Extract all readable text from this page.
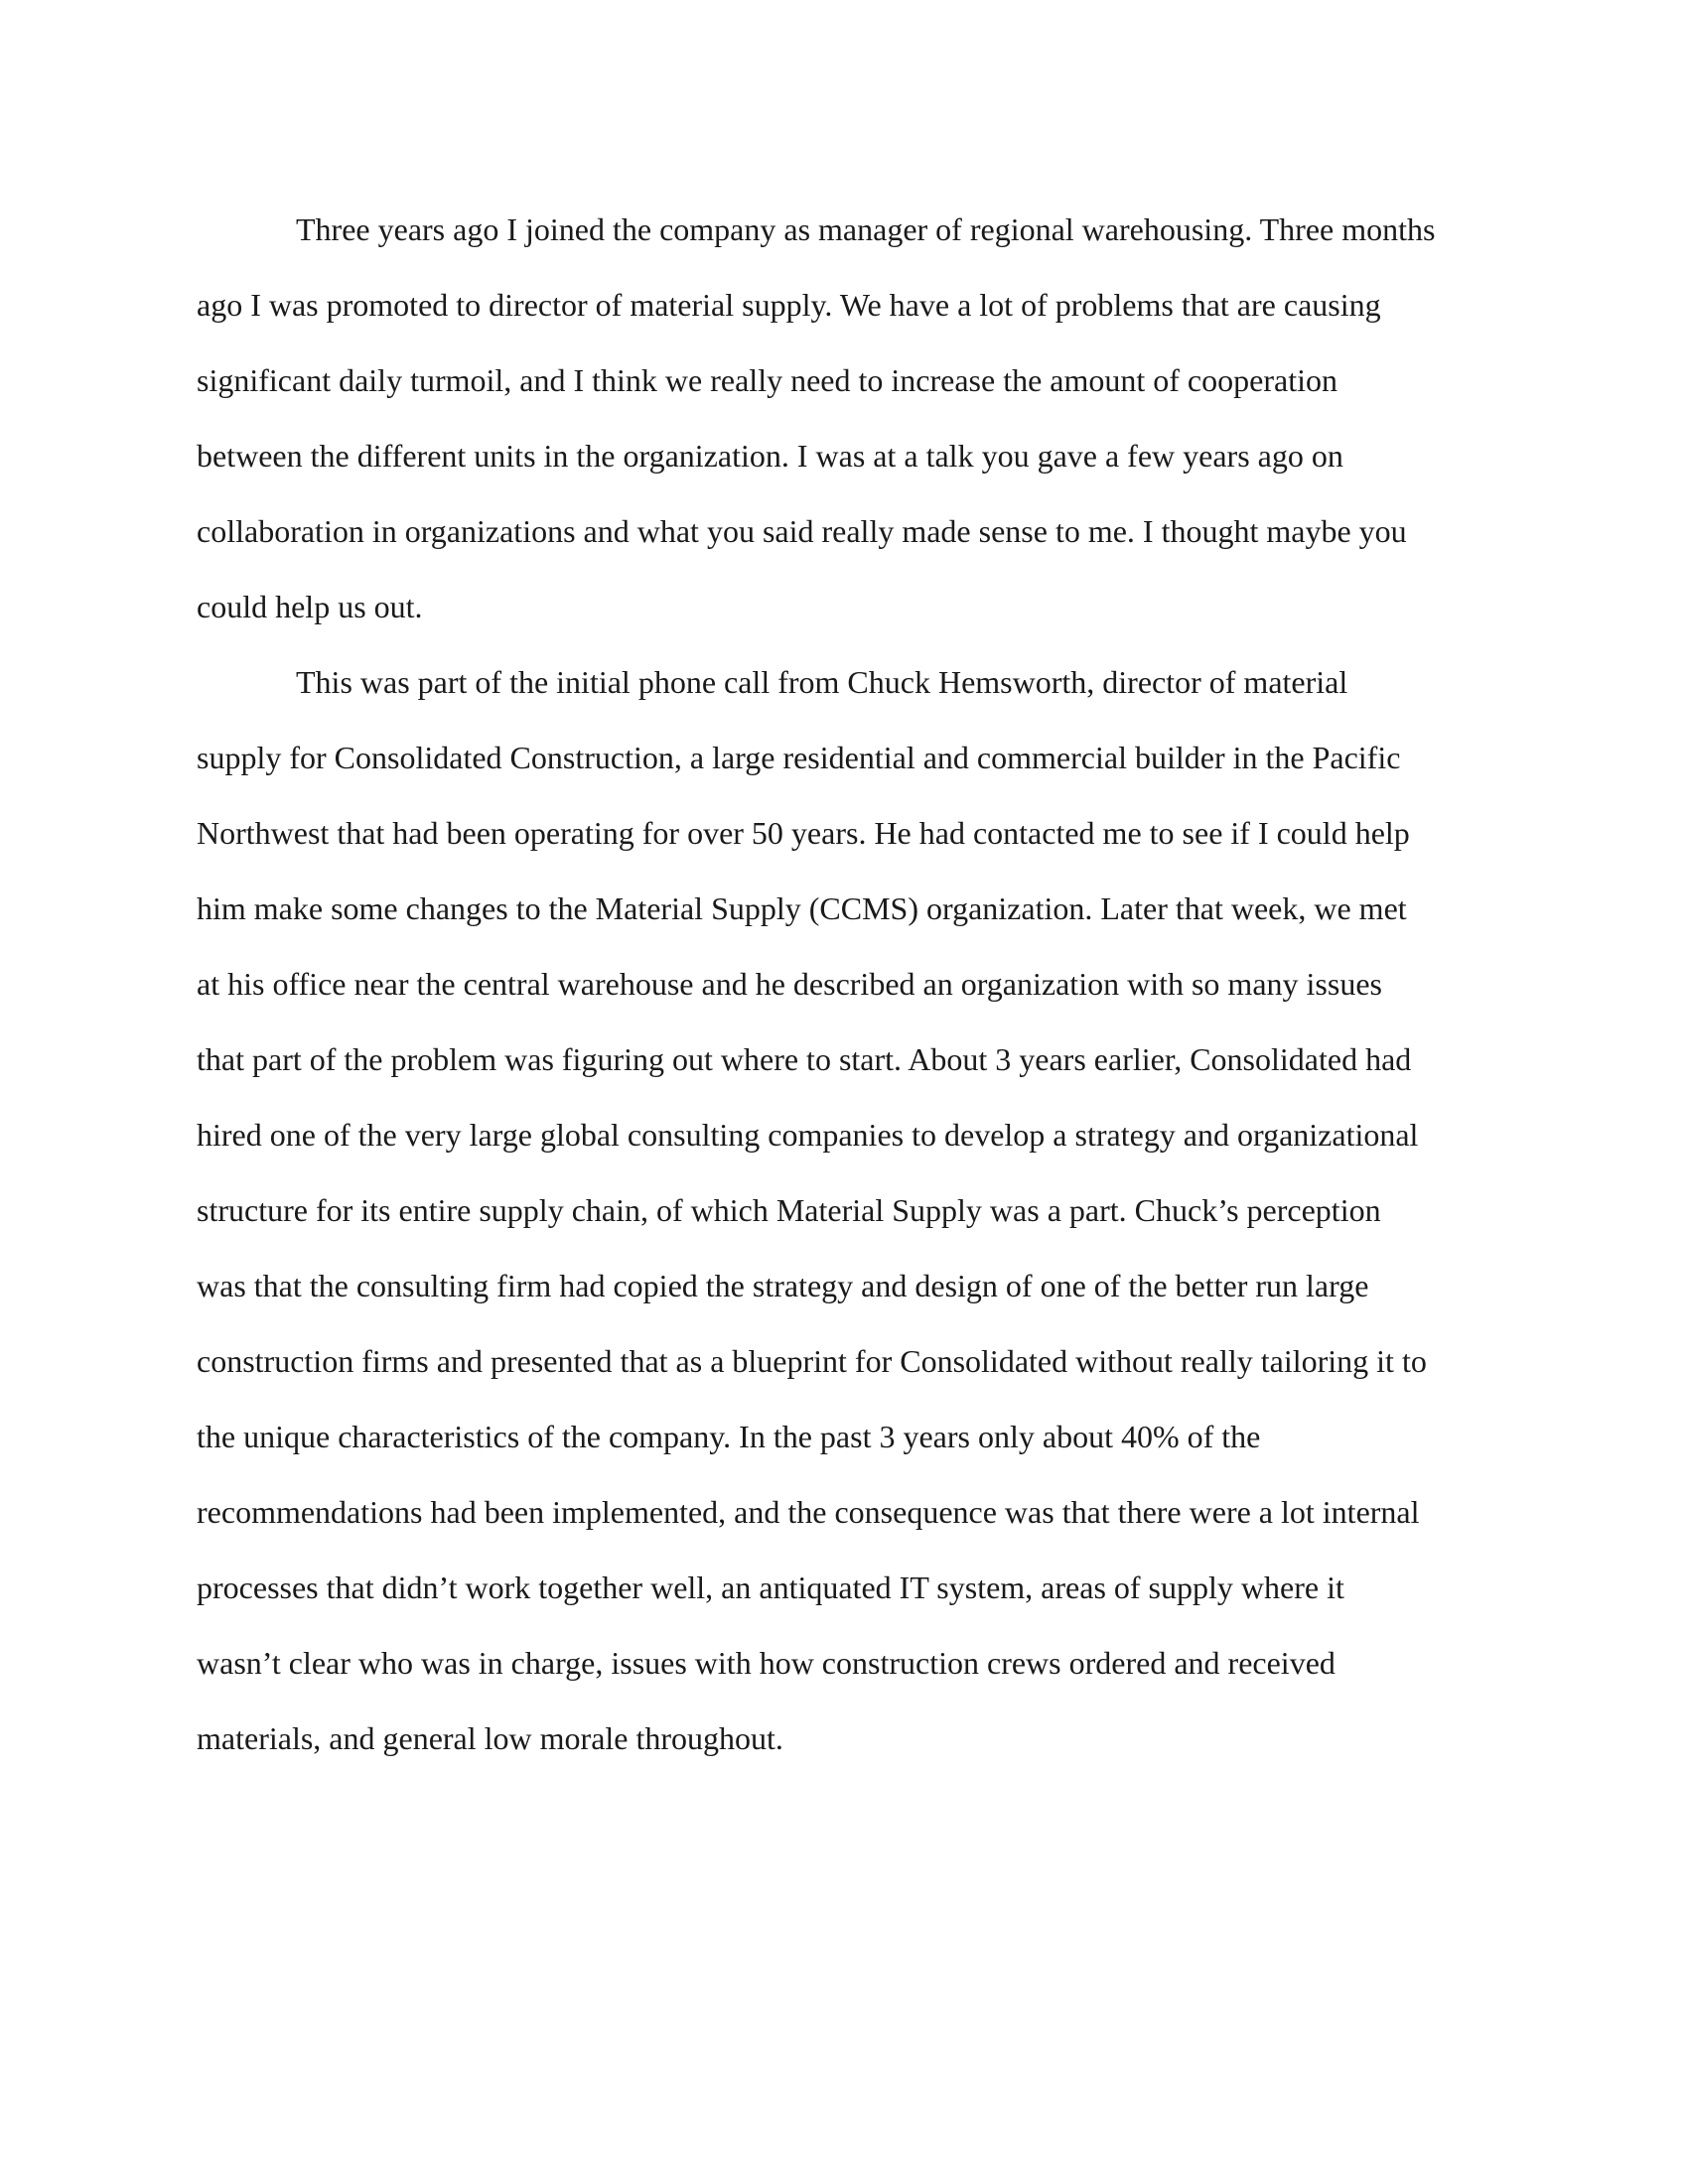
Three years ago I joined the company as manager of regional warehousing. Three months
ago I was promoted to director of material supply. We have a lot of problems that are causing
significant daily turmoil, and I think we really need to increase the amount of cooperation
between the different units in the organization. I was at a talk you gave a few years ago on
collaboration in organizations and what you said really made sense to me. I thought maybe you
could help us out.

This was part of the initial phone call from Chuck Hemsworth, director of material
supply for Consolidated Construction, a large residential and commercial builder in the Pacific
Northwest that had been operating for over 50 years. He had contacted me to see if I could help
him make some changes to the Material Supply (CCMS) organization. Later that week, we met
at his office near the central warehouse and he described an organization with so many issues
that part of the problem was figuring out where to start. About 3 years earlier, Consolidated had
hired one of the very large global consulting companies to develop a strategy and organizational
structure for its entire supply chain, of which Material Supply was a part. Chuck’s perception
was that the consulting firm had copied the strategy and design of one of the better run large
construction firms and presented that as a blueprint for Consolidated without really tailoring it to
the unique characteristics of the company. In the past 3 years only about 40% of the
recommendations had been implemented, and the consequence was that there were a lot internal
processes that didn’t work together well, an antiquated IT system, areas of supply where it
wasn’t clear who was in charge, issues with how construction crews ordered and received
materials, and general low morale throughout.
